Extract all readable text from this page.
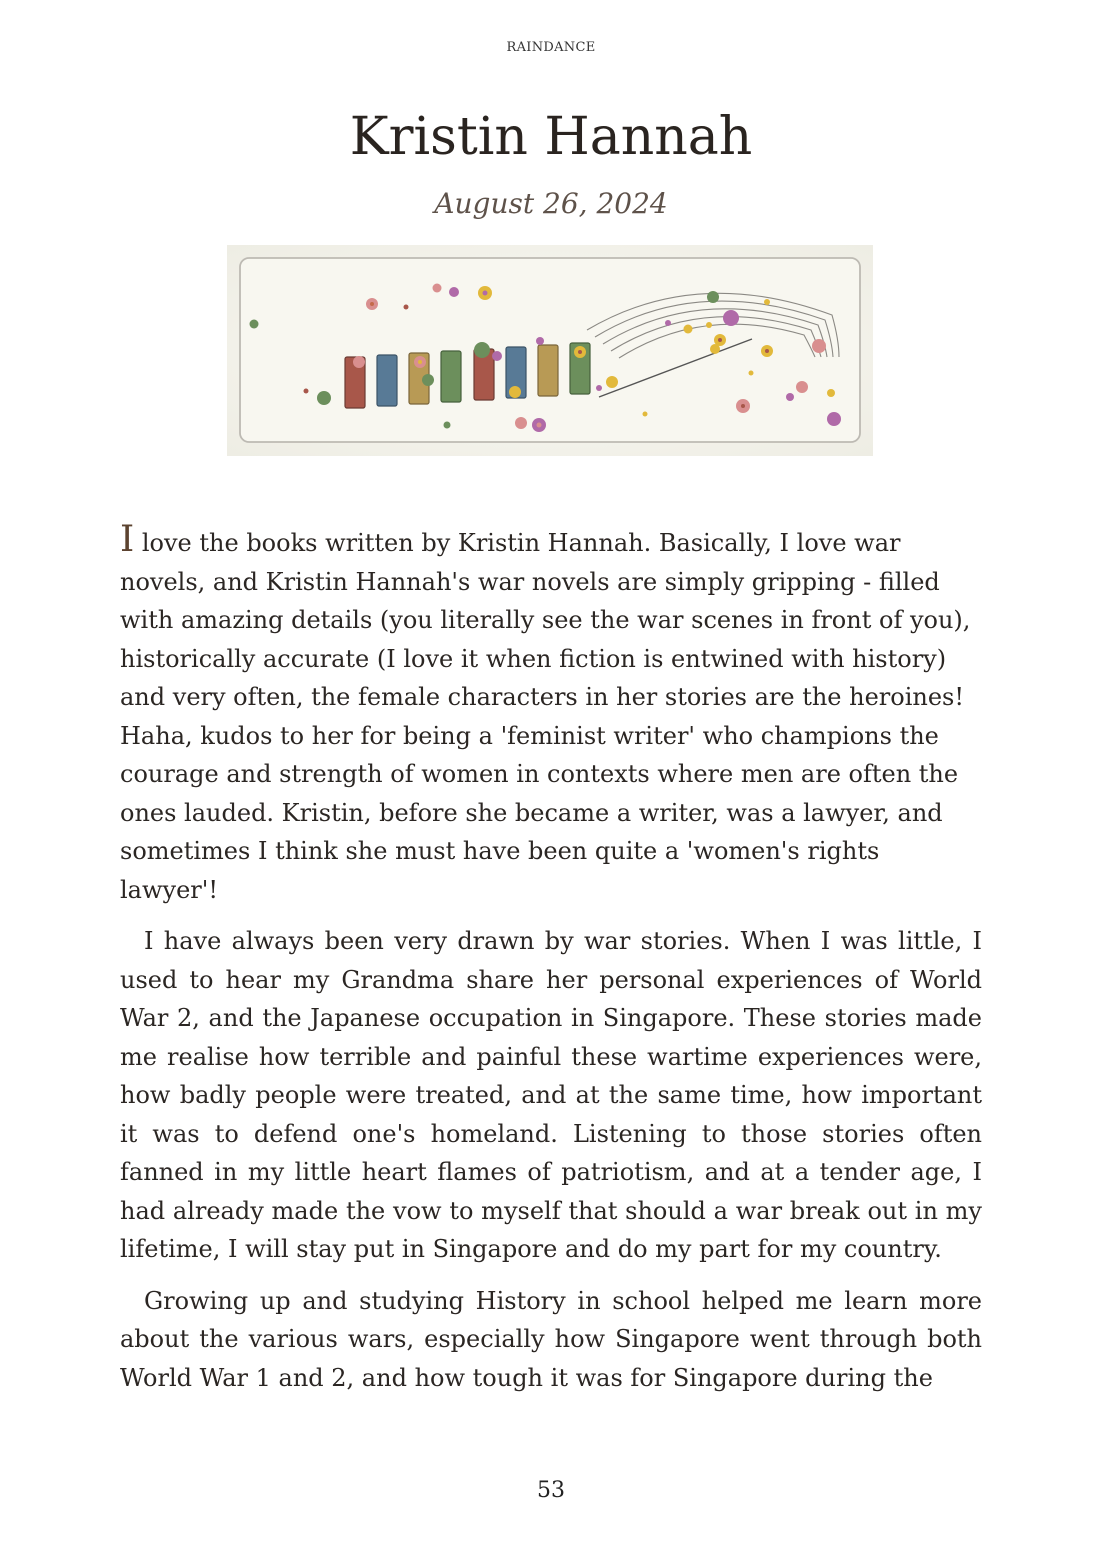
RAINDANCE
Kristin Hannah
August 26, 2024

I love the books written by Kristin Hannah. Basically, I love war novels, and Kristin Hannah's war novels are simply gripping - filled with amazing details (you literally see the war scenes in front of you), historically accurate (I love it when fiction is entwined with history) and very often, the female characters in her stories are the heroines! Haha, kudos to her for being a 'feminist writer' who champions the courage and strength of women in contexts where men are often the ones lauded. Kristin, before she became a writer, was a lawyer, and sometimes I think she must have been quite a 'women's rights lawyer'!

I have always been very drawn by war stories. When I was little, I used to hear my Grandma share her personal experiences of World War 2, and the Japanese occupation in Singapore. These stories made me realise how terrible and painful these wartime experiences were, how badly people were treated, and at the same time, how important it was to defend one's homeland. Listening to those stories often fanned in my little heart flames of patriotism, and at a tender age, I had already made the vow to myself that should a war break out in my lifetime, I will stay put in Singapore and do my part for my country.

Growing up and studying History in school helped me learn more about the various wars, especially how Singapore went through both World War 1 and 2, and how tough it was for Singapore during the

53
